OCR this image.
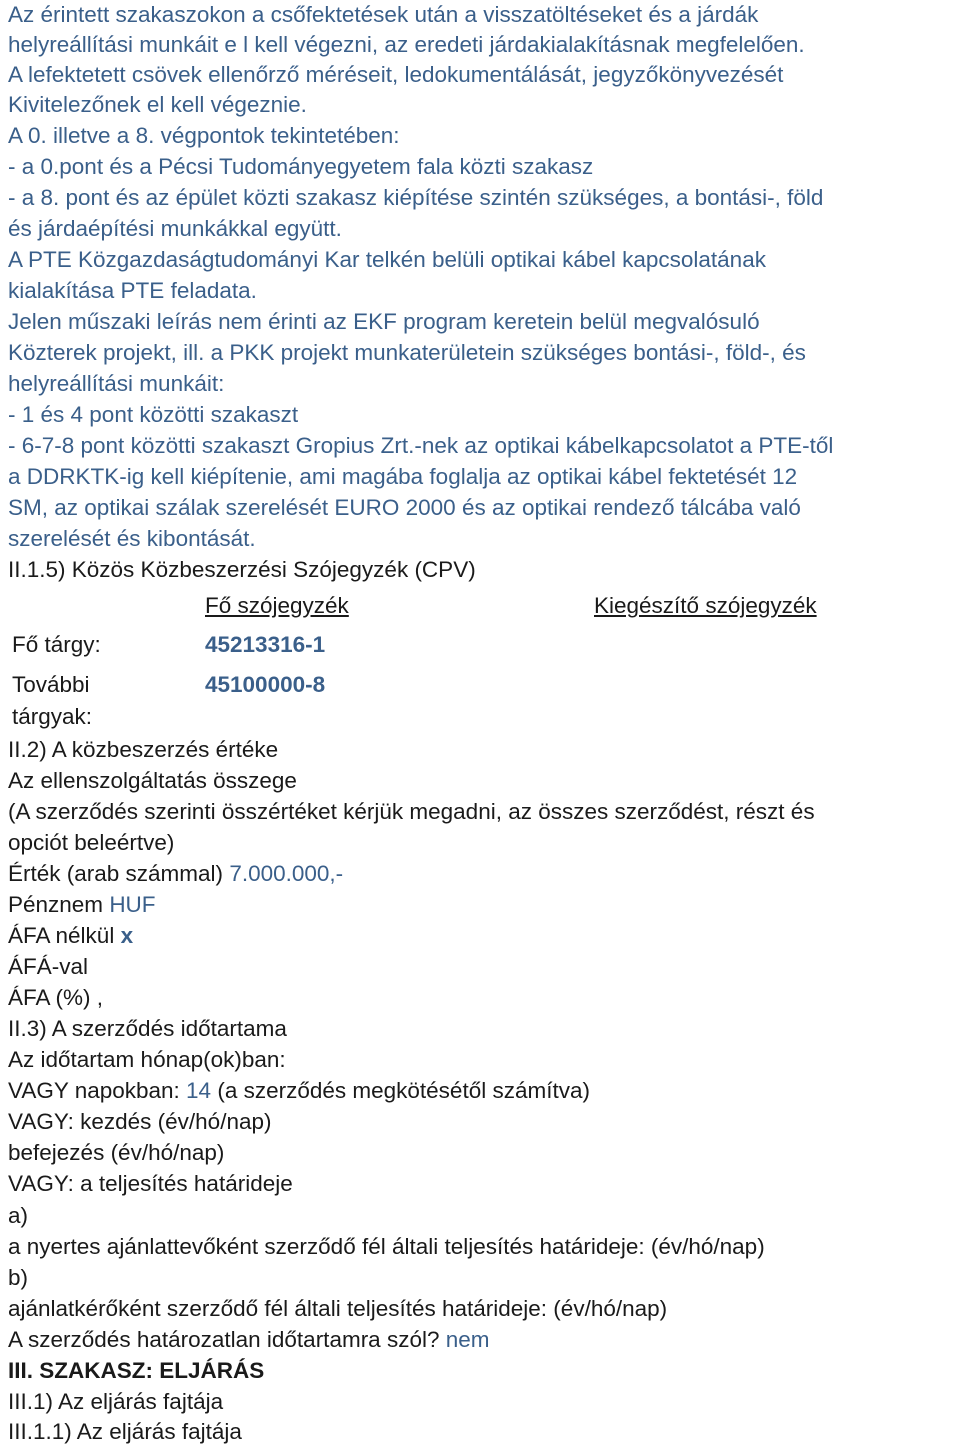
Az érintett szakaszokon a csőfektetések után a visszatöltéseket és a járdák
helyreállítási munkáit e l kell végezni, az eredeti járdakialakításnak megfelelően.
A lefektetett csövek ellenőrző méréseit, ledokumentálását, jegyzőkönyvezését
Kivitelezőnek el kell végeznie.
A 0. illetve a 8. végpontok tekintetében:
- a 0.pont és a Pécsi Tudományegyetem fala közti szakasz
- a 8. pont és az épület közti szakasz kiépítése szintén szükséges, a bontási-, föld
és járdaépítési munkákkal együtt.
A PTE Közgazdaságtudományi Kar telkén belüli optikai kábel kapcsolatának
kialakítása PTE feladata.
Jelen műszaki leírás nem érinti az EKF program keretein belül megvalósuló
Közterek projekt, ill. a PKK projekt munkaterületein szükséges bontási-, föld-, és
helyreállítási munkáit:
- 1 és 4 pont közötti szakaszt
- 6-7-8 pont közötti szakaszt Gropius Zrt.-nek az optikai kábelkapcsolatot a PTE-től
a DDRKTK-ig kell kiépítenie, ami magába foglalja az optikai kábel fektetését 12
SM, az optikai szálak szerelését EURO 2000 és az optikai rendező tálcába való
szerelését és kibontását.
II.1.5) Közös Közbeszerzési Szójegyzék (CPV)
Fő szójegyzék	Kiegészítő szójegyzék
Fő tárgy:	45213316-1
További
tárgyak:
45100000-8
II.2) A közbeszerzés értéke
Az ellenszolgáltatás összege
(A szerződés szerinti összértéket kérjük megadni, az összes szerződést, részt és
opciót beleértve)
Érték (arab számmal) 7.000.000,-
Pénznem HUF
ÁFA nélkül x
ÁFÁ-val
ÁFA (%) ,
II.3) A szerződés időtartama
Az időtartam hónap(ok)ban:
VAGY napokban: 14 (a szerződés megkötésétől számítva)
VAGY: kezdés (év/hó/nap)
befejezés (év/hó/nap)
VAGY: a teljesítés határideje
a)
a nyertes ajánlattevőként szerződő fél általi teljesítés határideje: (év/hó/nap)
b)
ajánlatkérőként szerződő fél általi teljesítés határideje: (év/hó/nap)
A szerződés határozatlan időtartamra szól? nem
III. SZAKASZ: ELJÁRÁS
III.1) Az eljárás fajtája
III.1.1) Az eljárás fajtája
